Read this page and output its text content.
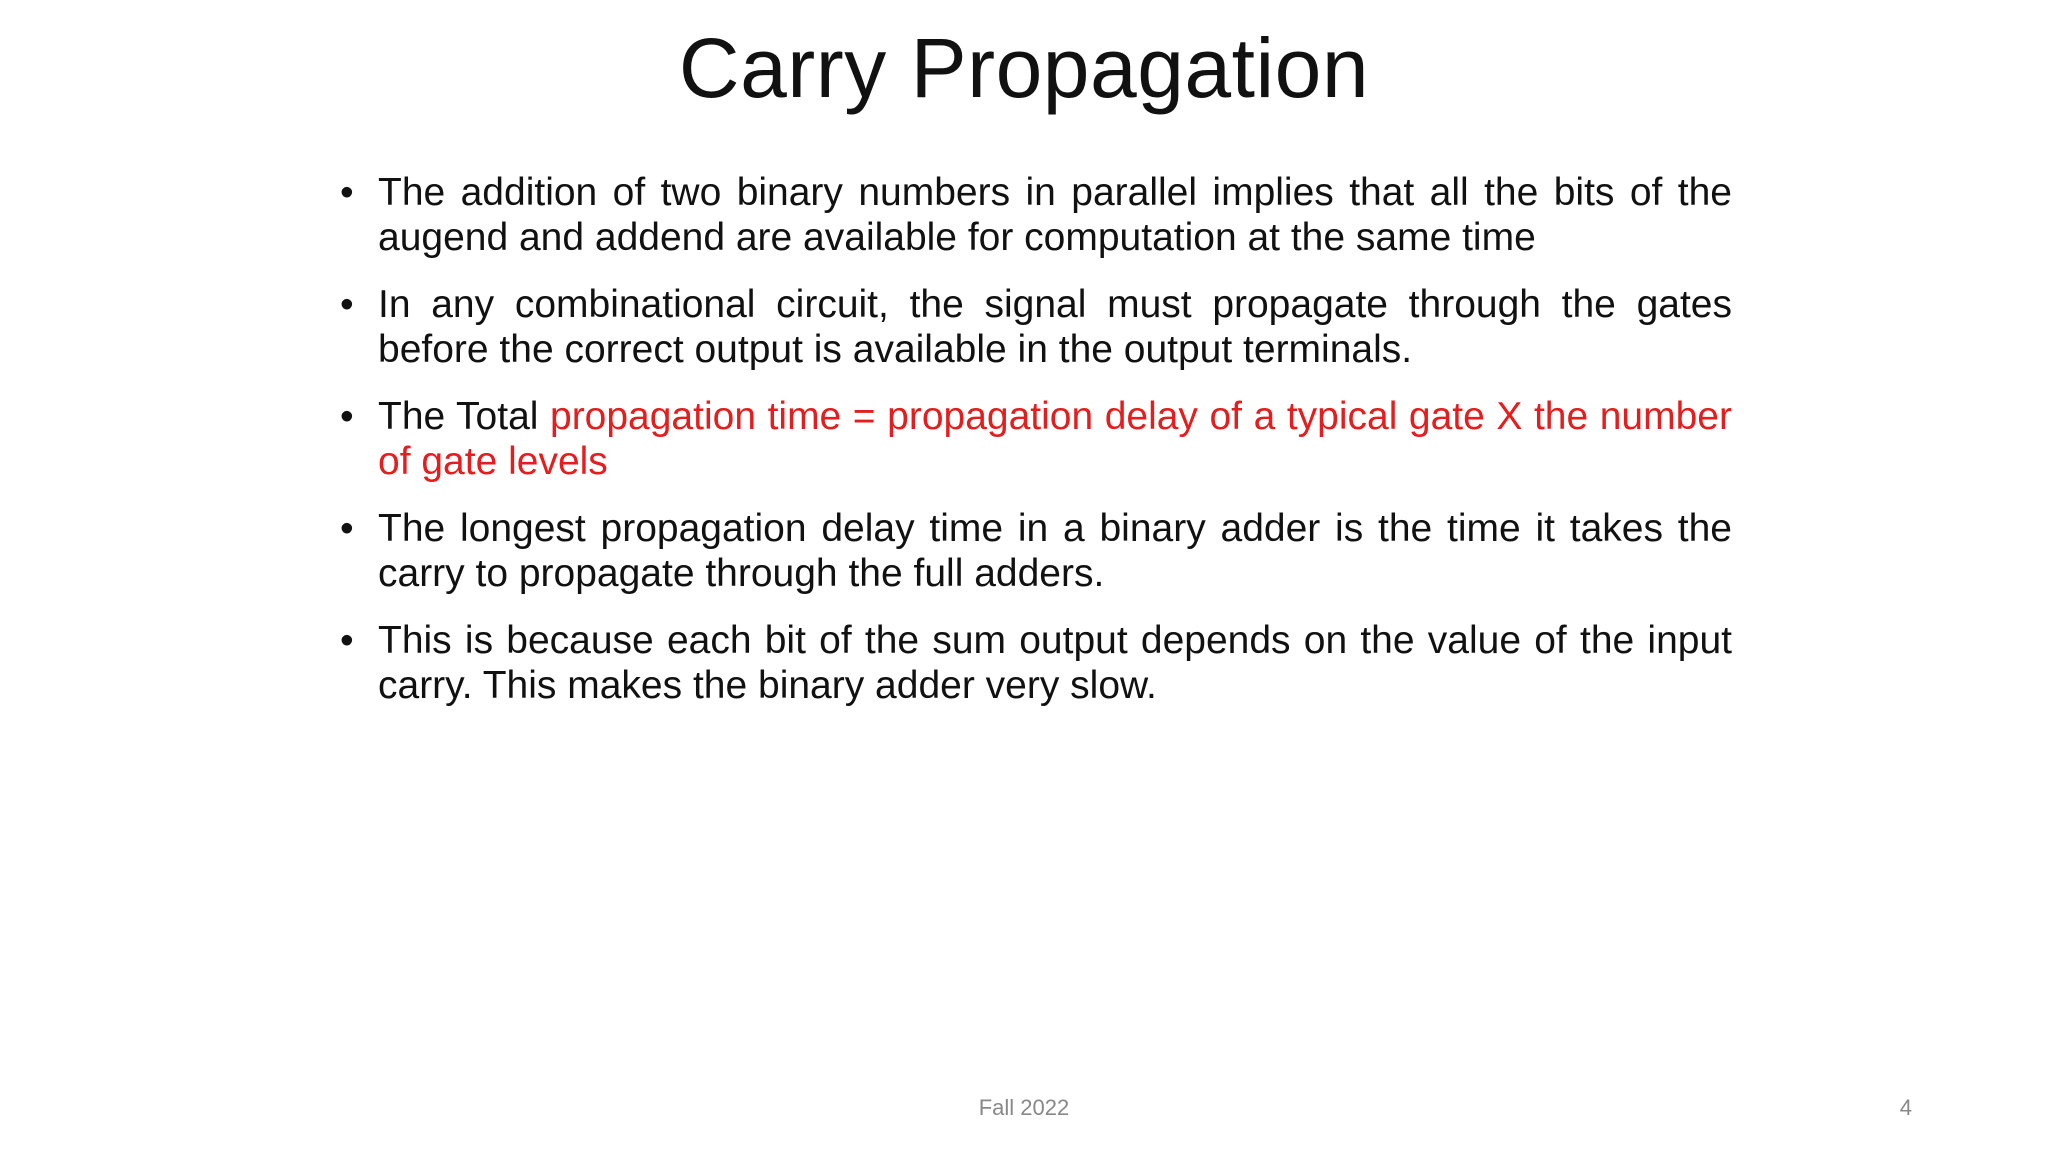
Carry Propagation
• The addition of two binary numbers in parallel implies that all the bits of the augend and addend are available for computation at the same time
• In any combinational circuit, the signal must propagate through the gates before the correct output is available in the output terminals.
• The Total propagation time = propagation delay of a typical gate X the number of gate levels
• The longest propagation delay time in a binary adder is the time it takes the carry to propagate through the full adders.
• This is because each bit of the sum output depends on the value of the input carry. This makes the binary adder very slow.
Fall 2022	4
